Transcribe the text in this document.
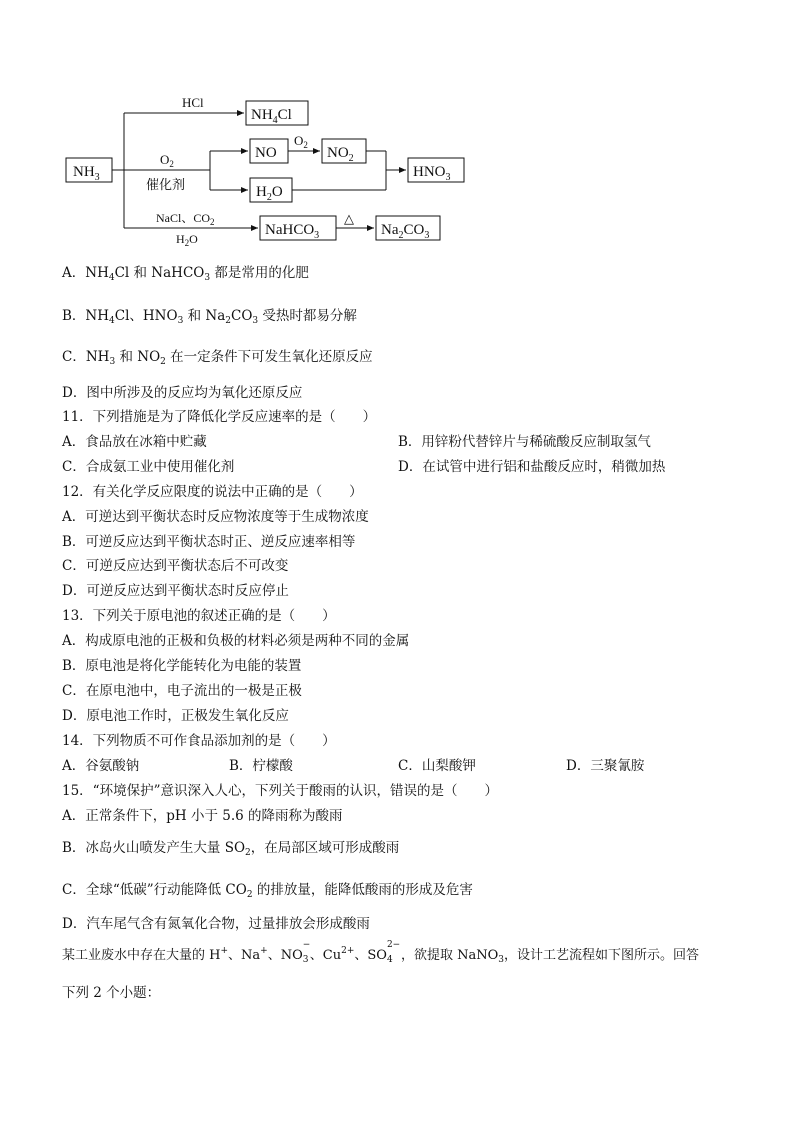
$NH_3$
$NH_4Cl$
NO	$NO_2$
$H_2O$
$HNO_3$
NaHCO$_3$	$Na_2CO_3$
HCl
$O_2$
催化剂
$O_2$
NaCl、$CO_2$
$H_2O$
△
A．$NH_4Cl$ 和 NaHCO$_3$ 都是常用的化肥
B．$NH_4Cl$、$HNO_3$ 和 $Na_2CO_3$ 受热时都易分解
C．$NH_3$ 和 $NO_2$ 在一定条件下可发生氧化还原反应
D．图中所涉及的反应均为氧化还原反应
11．下列措施是为了降低化学反应速率的是（　　）
A．食品放在冰箱中贮藏	B．用锌粉代替锌片与稀硫酸反应制取氢气
C．合成氨工业中使用催化剂	D．在试管中进行铝和盐酸反应时，稍微加热
12．有关化学反应限度的说法中正确的是（　　）
A．可逆达到平衡状态时反应物浓度等于生成物浓度
B．可逆反应达到平衡状态时正、逆反应速率相等
C．可逆反应达到平衡状态后不可改变
D．可逆反应达到平衡状态时反应停止
13．下列关于原电池的叙述正确的是（　　）
A．构成原电池的正极和负极的材料必须是两种不同的金属
B．原电池是将化学能转化为电能的装置
C．在原电池中，电子流出的一极是正极
D．原电池工作时，正极发生氧化反应
14．下列物质不可作食品添加剂的是（　　）
A．谷氨酸钠	B．柠檬酸	C．山梨酸钾	D．三聚氰胺
15．“环境保护”意识深入人心，下列关于酸雨的认识，错误的是（　　）
A．正常条件下，pH 小于 5.6 的降雨称为酸雨
B．冰岛火山喷发产生大量 $SO_2$，在局部区域可形成酸雨
C．全球“低碳”行动能降低 $CO_2$ 的排放量，能降低酸雨的形成及危害
D．汽车尾气含有氮氧化合物，过量排放会形成酸雨
某工业废水中存在大量的 H+、Na+、NO
−
3 、$Cu^{2+}$、SO
2−
4 ，欲提取 NaNO$_3$，设计工艺流程如下图所示。回答
下列 2 个小题：
